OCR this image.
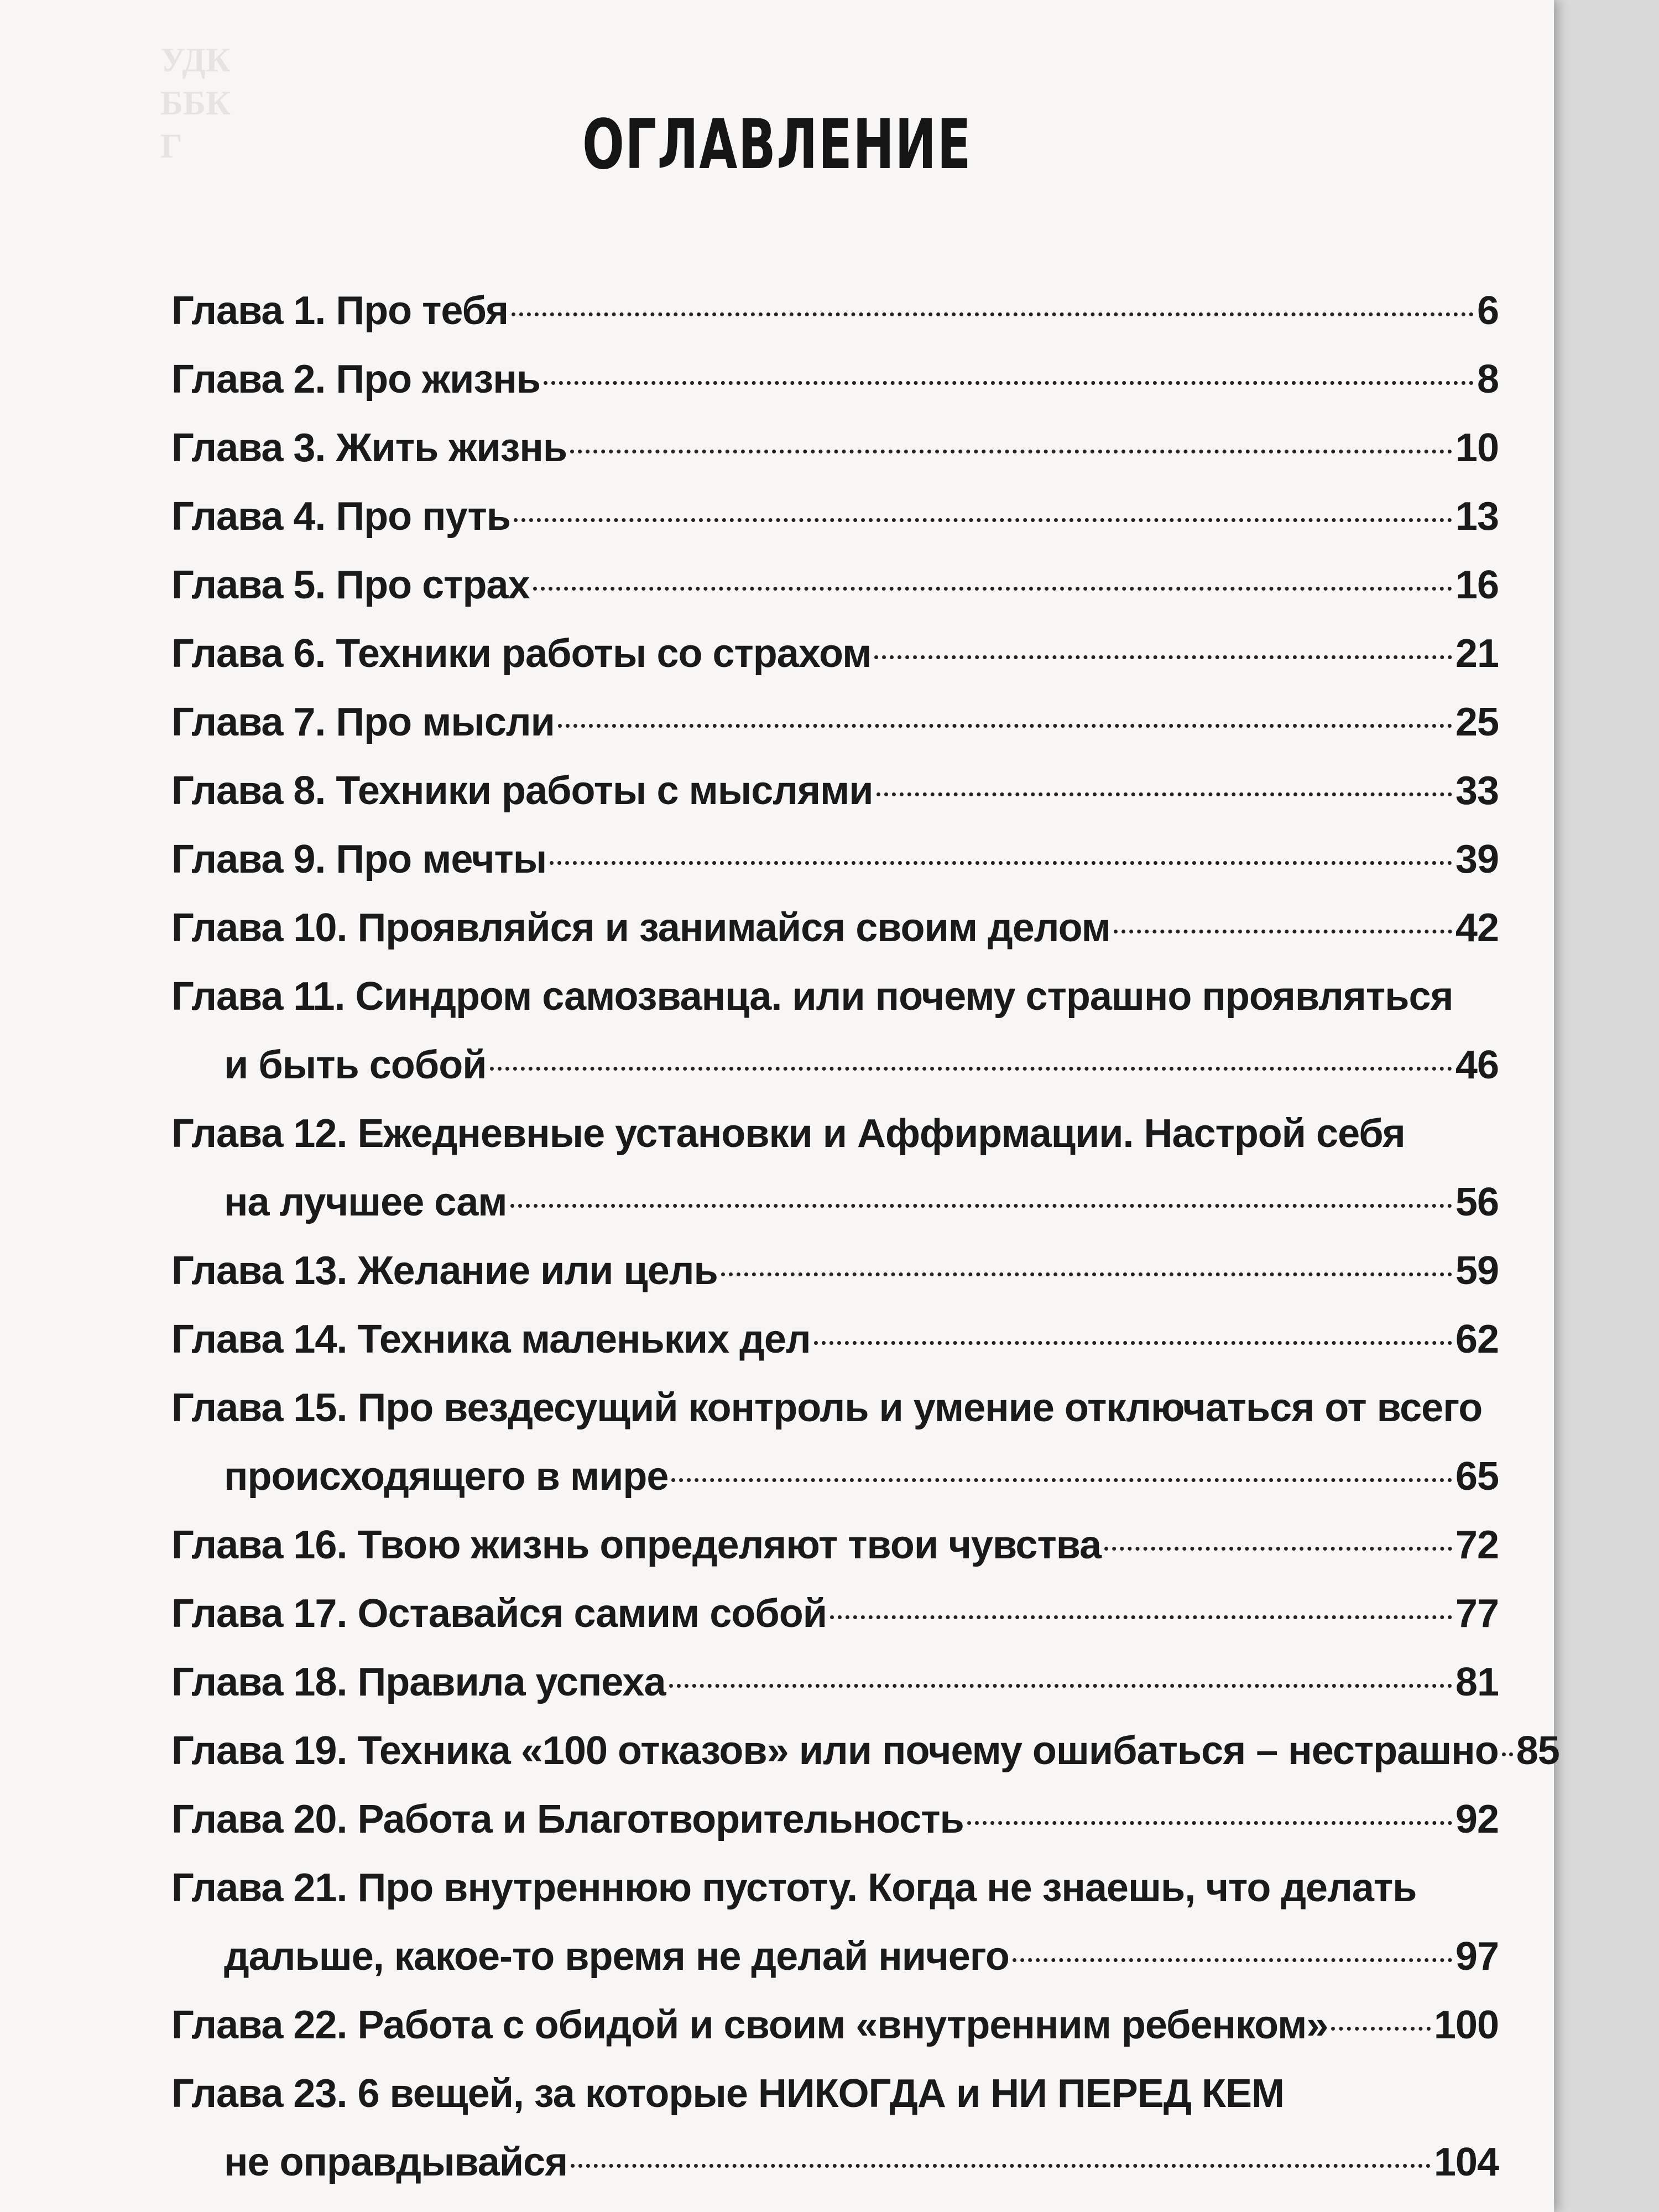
УДК
ББК
Г	ОГЛАВЛЕНИЕ
Глава 1. Про тебя	6
Глава 2. Про жизнь	8
Глава 3. Жить жизнь	10
Глава 4. Про путь	13
Глава 5. Про страх	16
Глава 6. Техники работы со страхом	21
Глава 7. Про мысли	25
Глава 8. Техники работы с мыслями	33
Глава 9. Про мечты	39
Глава 10. Проявляйся и занимайся своим делом	42
Глава 11. Синдром самозванца. или почему страшно проявляться
и быть собой	46
Глава 12. Ежедневные установки и Аффирмации. Настрой себя
на лучшее сам	56
Глава 13. Желание или цель	59
Глава 14. Техника маленьких дел	62
Глава 15. Про вездесущий контроль и умение отключаться от всего
происходящего в мире	65
Глава 16. Твою жизнь определяют твои чувства	72
Глава 17. Оставайся самим собой	77
Глава 18. Правила успеха	81
Глава 19. Техника «100 отказов» или почему ошибаться – нестрашно 85
Глава 20. Работа и Благотворительность	92
Глава 21. Про внутреннюю пустоту. Когда не знаешь, что делать
дальше, какое-то время не делай ничего	97
Глава 22. Работа с обидой и своим «внутренним ребенком»	100
Глава 23. 6 вещей, за которые НИКОГДА и НИ ПЕРЕД КЕМ
не оправдывайся	104
